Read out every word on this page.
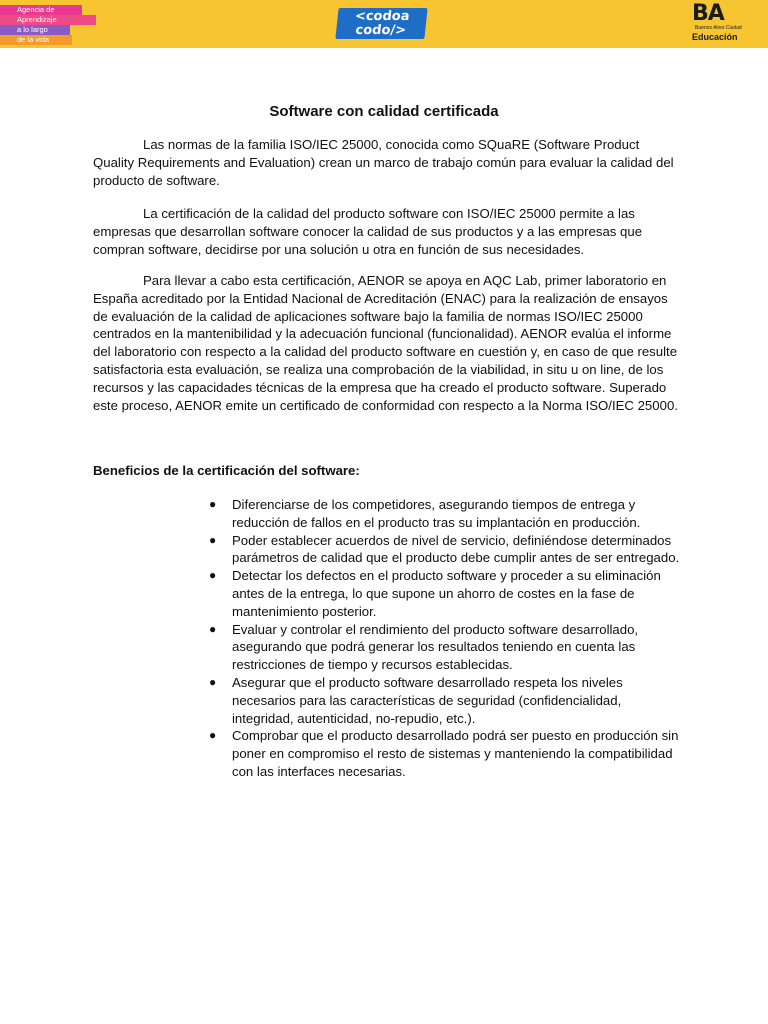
Agencia de
Aprendizaje
a lo largo
de la vida
<codoa
codo/>
BA
Buenos Aires Ciudad
Educación
Software con calidad certificada

Las normas de la familia ISO/IEC 25000, conocida como SQuaRE (Software Product Quality Requirements and Evaluation) crean un marco de trabajo común para evaluar la calidad del producto de software.

La certificación de la calidad del producto software con ISO/IEC 25000 permite a las empresas que desarrollan software conocer la calidad de sus productos y a las empresas que compran software, decidirse por una solución u otra en función de sus necesidades.

Para llevar a cabo esta certificación, AENOR se apoya en AQC Lab, primer laboratorio en España acreditado por la Entidad Nacional de Acreditación (ENAC) para la realización de ensayos de evaluación de la calidad de aplicaciones software bajo la familia de normas ISO/IEC 25000 centrados en la mantenibilidad y la adecuación funcional (funcionalidad). AENOR evalúa el informe del laboratorio con respecto a la calidad del producto software en cuestión y, en caso de que resulte satisfactoria esta evaluación, se realiza una comprobación de la viabilidad, in situ u on line, de los recursos y las capacidades técnicas de la empresa que ha creado el producto software. Superado este proceso, AENOR emite un certificado de conformidad con respecto a la Norma ISO/IEC 25000.

Beneficios de la certificación del software:
● Diferenciarse de los competidores, asegurando tiempos de entrega y reducción de fallos en el producto tras su implantación en producción.
● Poder establecer acuerdos de nivel de servicio, definiéndose determinados parámetros de calidad que el producto debe cumplir antes de ser entregado.
● Detectar los defectos en el producto software y proceder a su eliminación antes de la entrega, lo que supone un ahorro de costes en la fase de mantenimiento posterior.
● Evaluar y controlar el rendimiento del producto software desarrollado, asegurando que podrá generar los resultados teniendo en cuenta las restricciones de tiempo y recursos establecidas.
● Asegurar que el producto software desarrollado respeta los niveles necesarios para las características de seguridad (confidencialidad, integridad, autenticidad, no-repudio, etc.).
● Comprobar que el producto desarrollado podrá ser puesto en producción sin poner en compromiso el resto de sistemas y manteniendo la compatibilidad con las interfaces necesarias.
